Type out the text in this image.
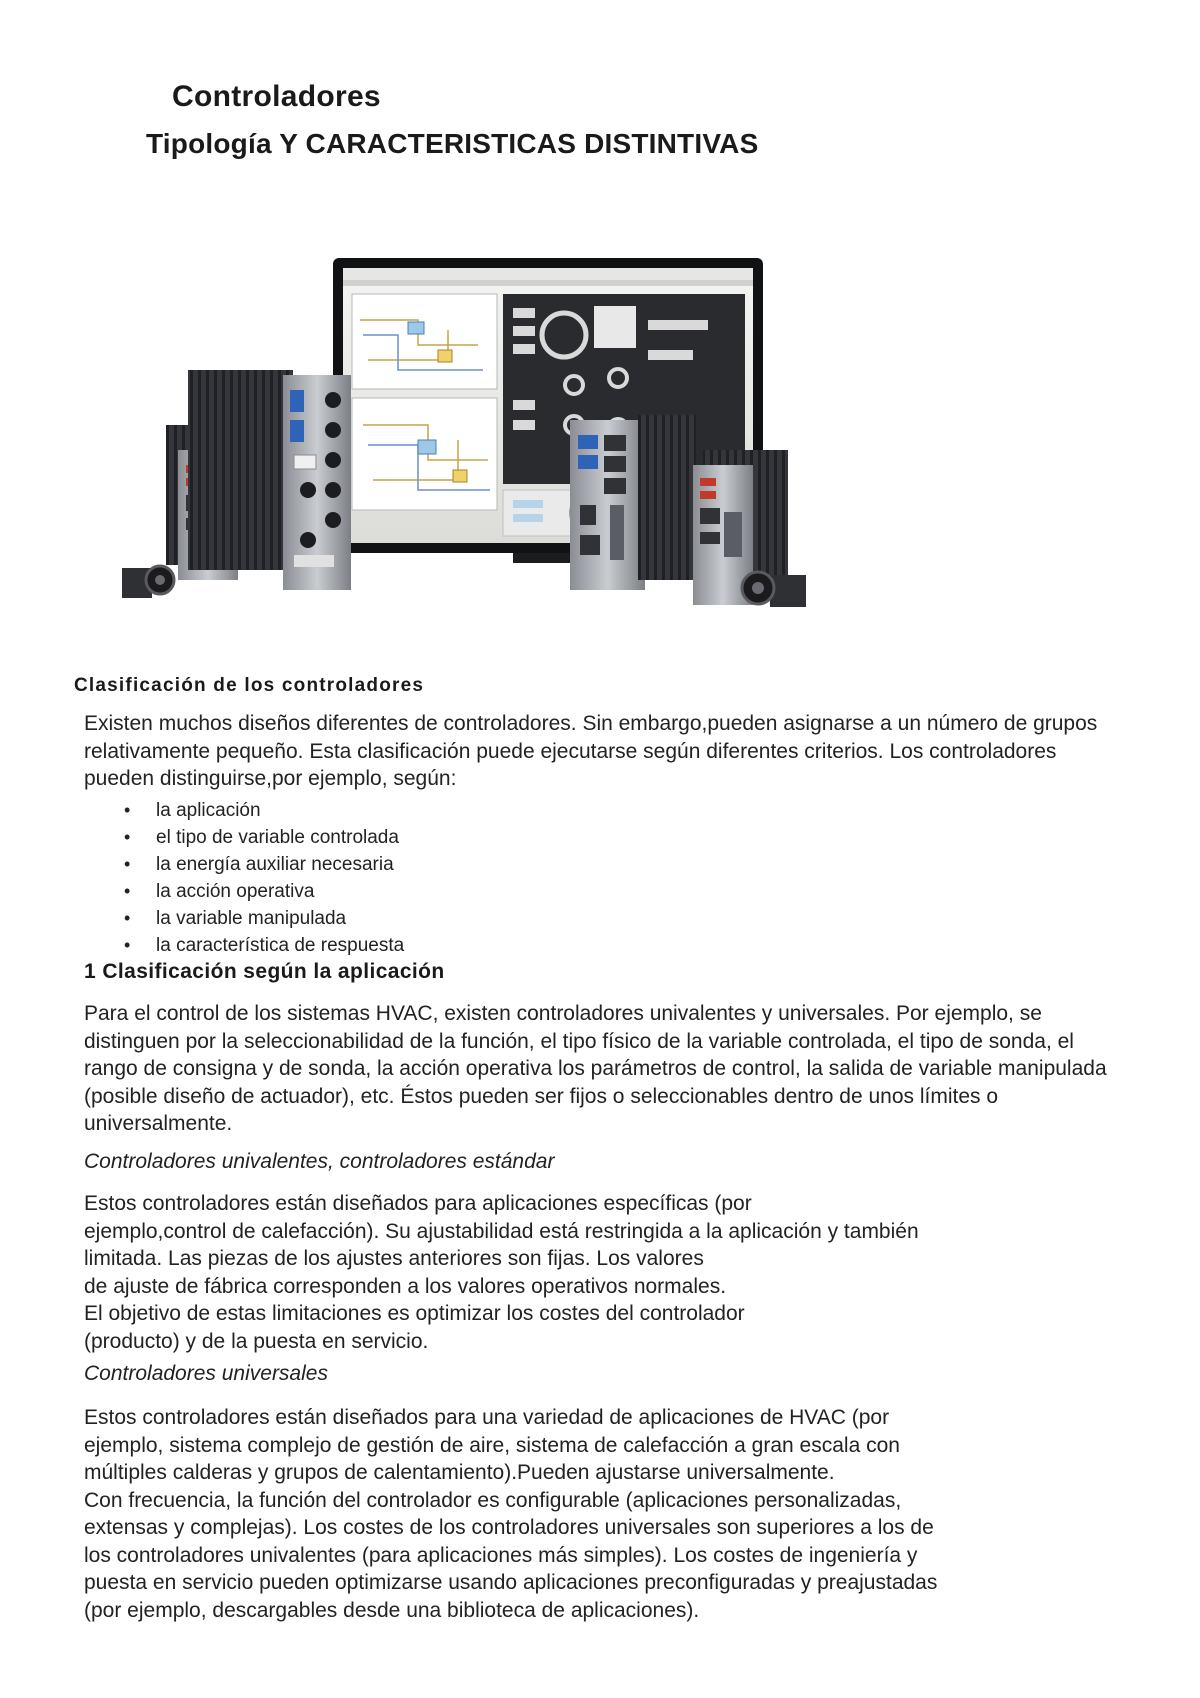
Controladores
Tipología Y CARACTERISTICAS DISTINTIVAS
Clasificación de los controladores

Existen muchos diseños diferentes de controladores. Sin embargo,pueden asignarse a un número de grupos relativamente pequeño. Esta clasificación puede ejecutarse según diferentes criterios. Los controladores pueden distinguirse,por ejemplo, según:

• la aplicación
• el tipo de variable controlada
• la energía auxiliar necesaria
• la acción operativa
• la variable manipulada
• la característica de respuesta
1 Clasificación según la aplicación

Para el control de los sistemas HVAC, existen controladores univalentes y universales. Por ejemplo, se distinguen por la seleccionabilidad de la función, el tipo físico de la variable controlada, el tipo de sonda, el rango de consigna y de sonda, la acción operativa los parámetros de control, la salida de variable manipulada (posible diseño de actuador), etc. Éstos pueden ser fijos o seleccionables dentro de unos límites o universalmente.

Controladores univalentes, controladores estándar

Estos controladores están diseñados para aplicaciones específicas (por

ejemplo,control de calefacción). Su ajustabilidad está restringida a la aplicación y también

limitada. Las piezas de los ajustes anteriores son fijas. Los valores

de ajuste de fábrica corresponden a los valores operativos normales.

El objetivo de estas limitaciones es optimizar los costes del controlador

(producto) y de la puesta en servicio.

Controladores universales

Estos controladores están diseñados para una variedad de aplicaciones de HVAC (por

ejemplo, sistema complejo de gestión de aire, sistema de calefacción a gran escala con

múltiples calderas y grupos de calentamiento).Pueden ajustarse universalmente.

Con frecuencia, la función del controlador es configurable (aplicaciones personalizadas,

extensas y complejas). Los costes de los controladores universales son superiores a los de

los controladores univalentes (para aplicaciones más simples). Los costes de ingeniería y

puesta en servicio pueden optimizarse usando aplicaciones preconfiguradas y preajustadas

(por ejemplo, descargables desde una biblioteca de aplicaciones).
